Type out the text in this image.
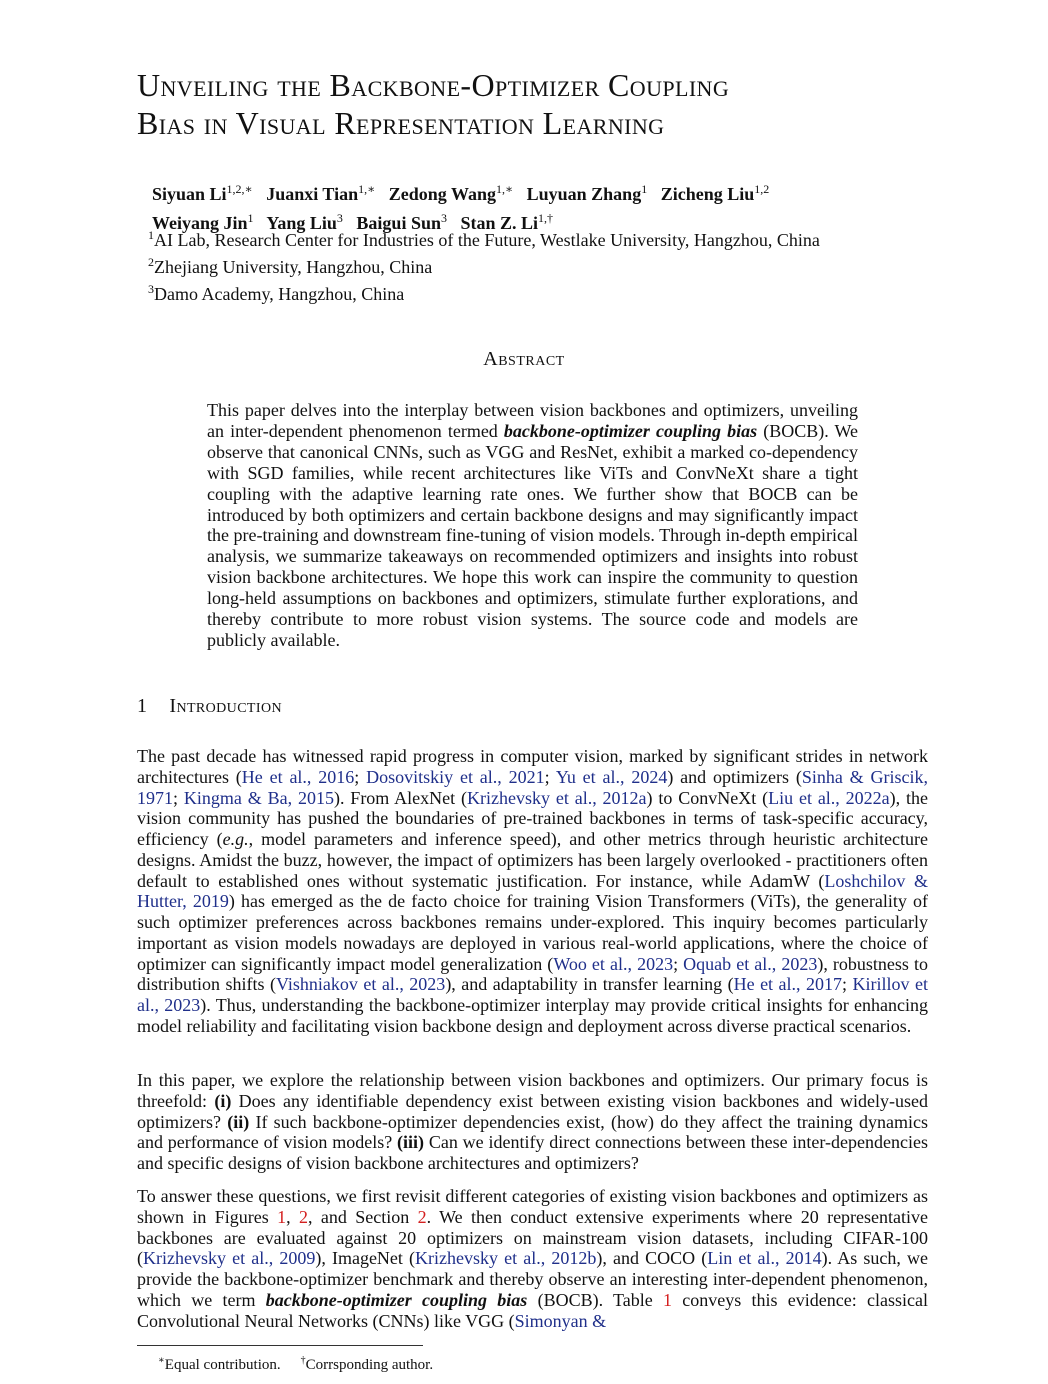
Unveiling the Backbone-Optimizer Coupling
Bias in Visual Representation Learning
Siyuan $Li^{1,2,∗}$ Juanxi Tian$^{1,∗}$ Zedong Wang$^{1,∗}$ Luyuan Zhang$^1$ Zicheng Liu$^{1,2}$
Weiyang Jin$^1$ Yang Liu$^3$ Baigui Sun$^3$ Stan Z. $Li^{1,\dagger}$
$^1$AI Lab, Research Center for Industries of the Future, Westlake University, Hangzhou, China
$^2$Zhejiang University, Hangzhou, China
$^3$Damo Academy, Hangzhou, China
Abstract

This paper delves into the interplay between vision backbones and optimizers, unveiling an inter-dependent phenomenon termed backbone-optimizer coupling bias (BOCB). We observe that canonical CNNs, such as VGG and ResNet, exhibit a marked co-dependency with SGD families, while recent architectures like ViTs and ConvNeXt share a tight coupling with the adaptive learning rate ones. We further show that BOCB can be introduced by both optimizers and certain backbone designs and may significantly impact the pre-training and downstream fine-tuning of vision models. Through in-depth empirical analysis, we summarize takeaways on recommended optimizers and insights into robust vision backbone architectures. We hope this work can inspire the community to question long-held assumptions on backbones and optimizers, stimulate further explorations, and thereby contribute to more robust vision systems. The source code and models are publicly available.

1 Introduction

The past decade has witnessed rapid progress in computer vision, marked by significant strides in network architectures (He et al., 2016; Dosovitskiy et al., 2021; Yu et al., 2024) and optimizers (Sinha & Griscik, 1971; Kingma & Ba, 2015). From AlexNet (Krizhevsky et al., 2012a) to ConvNeXt (Liu et al., 2022a), the vision community has pushed the boundaries of pre-trained backbones in terms of task-specific accuracy, efficiency (e.g., model parameters and inference speed), and other metrics through heuristic architecture designs. Amidst the buzz, however, the impact of optimizers has been largely overlooked - practitioners often default to established ones without systematic justification. For instance, while AdamW (Loshchilov & Hutter, 2019) has emerged as the de facto choice for training Vision Transformers (ViTs), the generality of such optimizer preferences across backbones remains under-explored. This inquiry becomes particularly important as vision models nowadays are deployed in various real-world applications, where the choice of optimizer can significantly impact model generalization (Woo et al., 2023; Oquab et al., 2023), robustness to distribution shifts (Vishniakov et al., 2023), and adaptability in transfer learning (He et al., 2017; Kirillov et al., 2023). Thus, understanding the backbone-optimizer interplay may provide critical insights for enhancing model reliability and facilitating vision backbone design and deployment across diverse practical scenarios.

In this paper, we explore the relationship between vision backbones and optimizers. Our primary focus is threefold: (i) Does any identifiable dependency exist between existing vision backbones and widely-used optimizers? (ii) If such backbone-optimizer dependencies exist, (how) do they affect the training dynamics and performance of vision models? (iii) Can we identify direct connections between these inter-dependencies and specific designs of vision backbone architectures and optimizers?

To answer these questions, we first revisit different categories of existing vision backbones and optimizers as shown in Figures 1, 2, and Section 2. We then conduct extensive experiments where 20 representative backbones are evaluated against 20 optimizers on mainstream vision datasets, including CIFAR-100 (Krizhevsky et al., 2009), ImageNet (Krizhevsky et al., 2012b), and COCO (Lin et al., 2014). As such, we provide the backbone-optimizer benchmark and thereby observe an interesting inter-dependent phenomenon, which we term backbone-optimizer coupling bias (BOCB). Table 1 conveys this evidence: classical Convolutional Neural Networks (CNNs) like VGG (Simonyan &

∗Equal contribution. †Corrsponding author.
